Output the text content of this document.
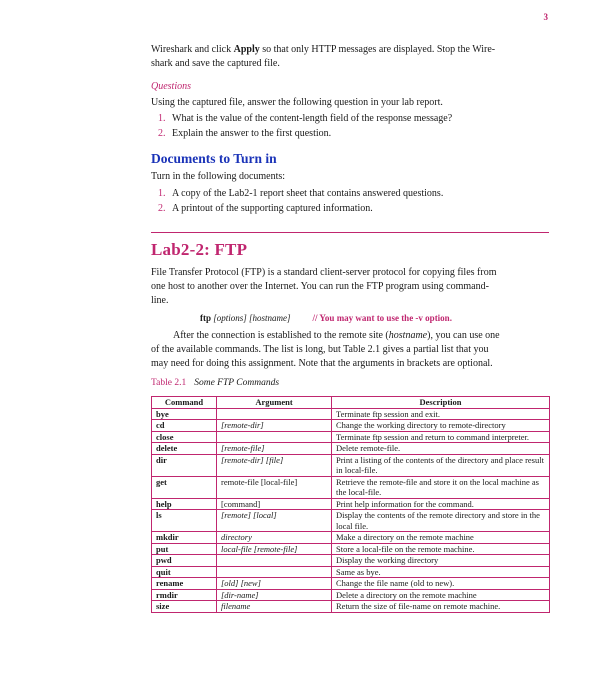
3
Wireshark and click Apply so that only HTTP messages are displayed. Stop the Wire-
shark and save the captured file.
Questions
Using the captured file, answer the following question in your lab report.
1. What is the value of the content-length field of the response message?
2. Explain the answer to the first question.
Documents to Turn in
Turn in the following documents:
1. A copy of the Lab2-1 report sheet that contains answered questions.
2. A printout of the supporting captured information.
Lab2-2: FTP
File Transfer Protocol (FTP) is a standard client-server protocol for copying files from
one host to another over the Internet. You can run the FTP program using command-
line.
ftp [options] [hostname] // You may want to use the -v option.
After the connection is established to the remote site (hostname), you can use one
of the available commands. The list is long, but Table 2.1 gives a partial list that you
may need for doing this assignment. Note that the arguments in brackets are optional.
Table 2.1 Some FTP Commands
Command	Argument	Description
bye		Terminate ftp session and exit.
cd	[remote-dir]	Change the working directory to remote-directory
close		Terminate ftp session and return to command interpreter.
delete	[remote-file]	Delete remote-file.
dir	[remote-dir] [file]	Print a listing of the contents of the directory and place result in local-file.
get	remote-file [local-file]	Retrieve the remote-file and store it on the local machine as the local-file.
help	[command]	Print help information for the command.
ls	[remote] [local]	Display the contents of the remote directory and store in the local file.
mkdir	directory	Make a directory on the remote machine
put	local-file [remote-file]	Store a local-file on the remote machine.
pwd		Display the working directory
quit		Same as bye.
rename	[old] [new]	Change the file name (old to new).
rmdir	[dir-name]	Delete a directory on the remote machine
size	filename	Return the size of file-name on remote machine.
